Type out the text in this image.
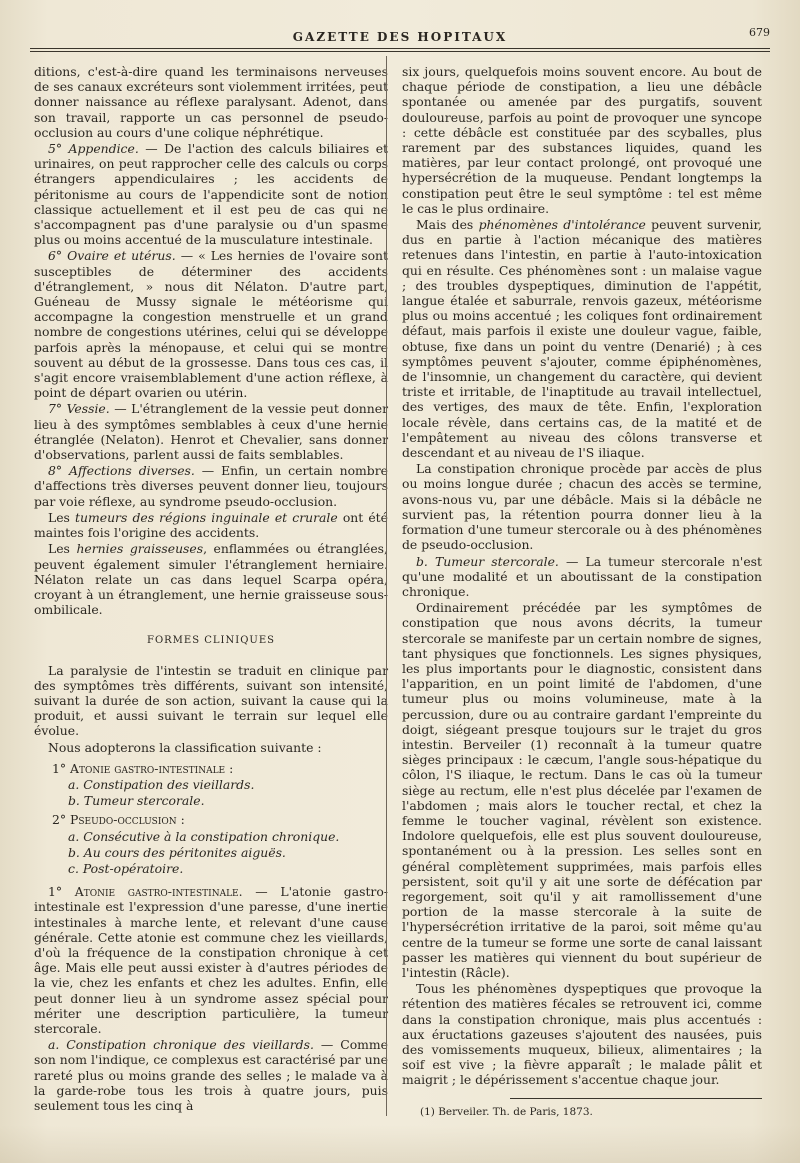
GAZETTE DES HOPITAUX	679

ditions, c'est-à-dire quand les terminaisons nerveuses de ses canaux excréteurs sont violemment irritées, peut donner naissance au réflexe paralysant. Adenot, dans son travail, rapporte un cas personnel de pseudo-occlusion au cours d'une colique néphrétique.

5° Appendice. — De l'action des calculs biliaires et urinaires, on peut rapprocher celle des calculs ou corps étrangers appendiculaires ; les accidents de péritonisme au cours de l'appendicite sont de notion classique actuellement et il est peu de cas qui ne s'accompagnent pas d'une paralysie ou d'un spasme plus ou moins accentué de la musculature intestinale.

6° Ovaire et utérus. — « Les hernies de l'ovaire sont susceptibles de déterminer des accidents d'étranglement, » nous dit Nélaton. D'autre part, Guéneau de Mussy signale le météorisme qui accompagne la congestion menstruelle et un grand nombre de congestions utérines, celui qui se développe parfois après la ménopause, et celui qui se montre souvent au début de la grossesse. Dans tous ces cas, il s'agit encore vraisemblablement d'une action réflexe, à point de départ ovarien ou utérin.

7° Vessie. — L'étranglement de la vessie peut donner lieu à des symptômes semblables à ceux d'une hernie étranglée (Nelaton). Henrot et Chevalier, sans donner d'observations, parlent aussi de faits semblables.

8° Affections diverses. — Enfin, un certain nombre d'affections très diverses peuvent donner lieu, toujours par voie réflexe, au syndrome pseudo-occlusion.

Les tumeurs des régions inguinale et crurale ont été maintes fois l'origine des accidents.

Les hernies graisseuses, enflammées ou étranglées, peuvent également simuler l'étranglement herniaire. Nélaton relate un cas dans lequel Scarpa opéra, croyant à un étranglement, une hernie graisseuse sous-ombilicale.

FORMES CLINIQUES

La paralysie de l'intestin se traduit en clinique par des symptômes très différents, suivant son intensité, suivant la durée de son action, suivant la cause qui la produit, et aussi suivant le terrain sur lequel elle évolue.

Nous adopterons la classification suivante :

1° Atonie gastro-intestinale :

a. Constipation des vieillards.

b. Tumeur stercorale.

2° Pseudo-occlusion :

a. Consécutive à la constipation chronique.

b. Au cours des péritonites aiguës.

c. Post-opératoire.

1° Atonie gastro-intestinale. — L'atonie gastro-intestinale est l'expression d'une paresse, d'une inertie intestinales à marche lente, et relevant d'une cause générale. Cette atonie est commune chez les vieillards, d'où la fréquence de la constipation chronique à cet âge. Mais elle peut aussi exister à d'autres périodes de la vie, chez les enfants et chez les adultes. Enfin, elle peut donner lieu à un syndrome assez spécial pour mériter une description particulière, la tumeur stercorale.

a. Constipation chronique des vieillards. — Comme son nom l'indique, ce complexus est caractérisé par une rareté plus ou moins grande des selles ; le malade va à la garde-robe tous les trois à quatre jours, puis seulement tous les cinq à

six jours, quelquefois moins souvent encore. Au bout de chaque période de constipation, a lieu une débâcle spontanée ou amenée par des purgatifs, souvent douloureuse, parfois au point de provoquer une syncope : cette débâcle est constituée par des scyballes, plus rarement par des substances liquides, quand les matières, par leur contact prolongé, ont provoqué une hypersécrétion de la muqueuse. Pendant longtemps la constipation peut être le seul symptôme : tel est même le cas le plus ordinaire.

Mais des phénomènes d'intolérance peuvent survenir, dus en partie à l'action mécanique des matières retenues dans l'intestin, en partie à l'auto-intoxication qui en résulte. Ces phénomènes sont : un malaise vague ; des troubles dyspeptiques, diminution de l'appétit, langue étalée et saburrale, renvois gazeux, météorisme plus ou moins accentué ; les coliques font ordinairement défaut, mais parfois il existe une douleur vague, faible, obtuse, fixe dans un point du ventre (Denarié) ; à ces symptômes peuvent s'ajouter, comme épiphénomènes, de l'insomnie, un changement du caractère, qui devient triste et irritable, de l'inaptitude au travail intellectuel, des vertiges, des maux de tête. Enfin, l'exploration locale révèle, dans certains cas, de la matité et de l'empâtement au niveau des côlons transverse et descendant et au niveau de l'S iliaque.

La constipation chronique procède par accès de plus ou moins longue durée ; chacun des accès se termine, avons-nous vu, par une débâcle. Mais si la débâcle ne survient pas, la rétention pourra donner lieu à la formation d'une tumeur stercorale ou à des phénomènes de pseudo-occlusion.

b. Tumeur stercorale. — La tumeur stercorale n'est qu'une modalité et un aboutissant de la constipation chronique.

Ordinairement précédée par les symptômes de constipation que nous avons décrits, la tumeur stercorale se manifeste par un certain nombre de signes, tant physiques que fonctionnels. Les signes physiques, les plus importants pour le diagnostic, consistent dans l'apparition, en un point limité de l'abdomen, d'une tumeur plus ou moins volumineuse, mate à la percussion, dure ou au contraire gardant l'empreinte du doigt, siégeant presque toujours sur le trajet du gros intestin. Berveiler (1) reconnaît à la tumeur quatre sièges principaux : le cæcum, l'angle sous-hépatique du côlon, l'S iliaque, le rectum. Dans le cas où la tumeur siège au rectum, elle n'est plus décelée par l'examen de l'abdomen ; mais alors le toucher rectal, et chez la femme le toucher vaginal, révèlent son existence. Indolore quelquefois, elle est plus souvent douloureuse, spontanément ou à la pression. Les selles sont en général complètement supprimées, mais parfois elles persistent, soit qu'il y ait une sorte de défécation par regorgement, soit qu'il y ait ramollissement d'une portion de la masse stercorale à la suite de l'hypersécrétion irritative de la paroi, soit même qu'au centre de la tumeur se forme une sorte de canal laissant passer les matières qui viennent du bout supérieur de l'intestin (Râcle).

Tous les phénomènes dyspeptiques que provoque la rétention des matières fécales se retrouvent ici, comme dans la constipation chronique, mais plus accentués : aux éructations gazeuses s'ajoutent des nausées, puis des vomissements muqueux, bilieux, alimentaires ; la soif est vive ; la fièvre apparaît ; le malade pâlit et maigrit ; le dépérissement s'accentue chaque jour.

(1) Berveiler. Th. de Paris, 1873.
